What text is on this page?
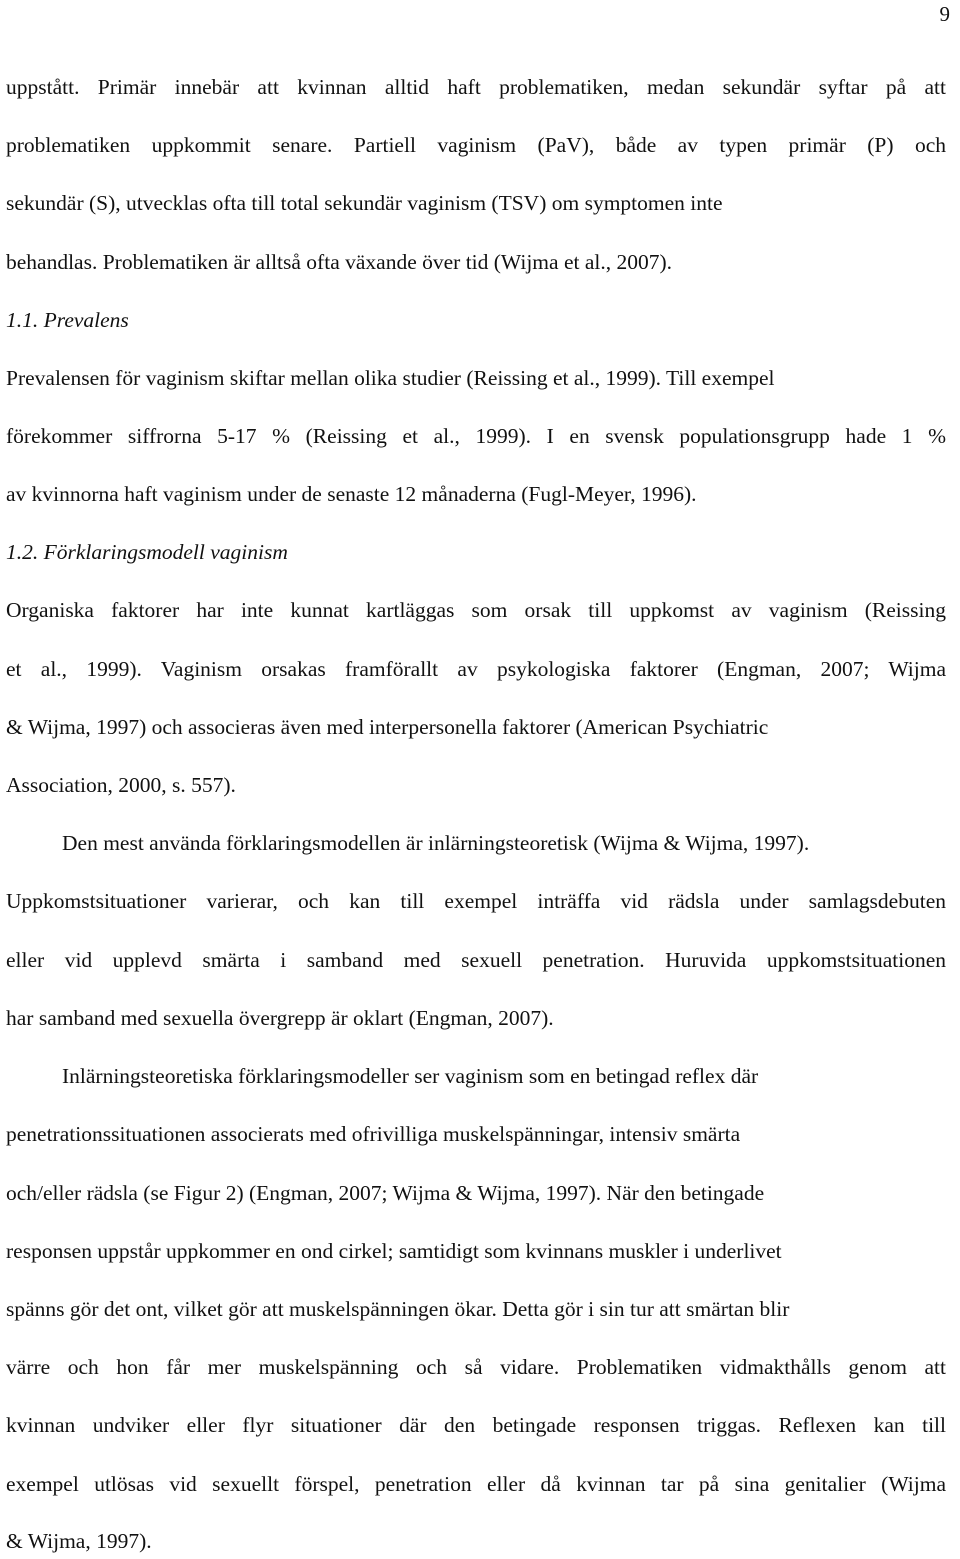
9
uppstått. Primär innebär att kvinnan alltid haft problematiken, medan sekundär syftar på att
problematiken uppkommit senare. Partiell vaginism (PaV), både av typen primär (P) och
sekundär (S), utvecklas ofta till total sekundär vaginism (TSV) om symptomen inte
behandlas. Problematiken är alltså ofta växande över tid (Wijma et al., 2007).
1.1. Prevalens
Prevalensen för vaginism skiftar mellan olika studier (Reissing et al., 1999). Till exempel
förekommer siffrorna 5-17 % (Reissing et al., 1999). I en svensk populationsgrupp hade 1 %
av kvinnorna haft vaginism under de senaste 12 månaderna (Fugl-Meyer, 1996).
1.2. Förklaringsmodell vaginism
Organiska faktorer har inte kunnat kartläggas som orsak till uppkomst av vaginism (Reissing
et al., 1999). Vaginism orsakas framförallt av psykologiska faktorer (Engman, 2007; Wijma
& Wijma, 1997) och associeras även med interpersonella faktorer (American Psychiatric
Association, 2000, s. 557).
Den mest använda förklaringsmodellen är inlärningsteoretisk (Wijma & Wijma, 1997).
Uppkomstsituationer varierar, och kan till exempel inträffa vid rädsla under samlagsdebuten
eller vid upplevd smärta i samband med sexuell penetration. Huruvida uppkomstsituationen
har samband med sexuella övergrepp är oklart (Engman, 2007).
Inlärningsteoretiska förklaringsmodeller ser vaginism som en betingad reflex där
penetrationssituationen associerats med ofrivilliga muskelspänningar, intensiv smärta
och/eller rädsla (se Figur 2) (Engman, 2007; Wijma & Wijma, 1997). När den betingade
responsen uppstår uppkommer en ond cirkel; samtidigt som kvinnans muskler i underlivet
spänns gör det ont, vilket gör att muskelspänningen ökar. Detta gör i sin tur att smärtan blir
värre och hon får mer muskelspänning och så vidare. Problematiken vidmakthålls genom att
kvinnan undviker eller flyr situationer där den betingade responsen triggas. Reflexen kan till
exempel utlösas vid sexuellt förspel, penetration eller då kvinnan tar på sina genitalier (Wijma
& Wijma, 1997).
